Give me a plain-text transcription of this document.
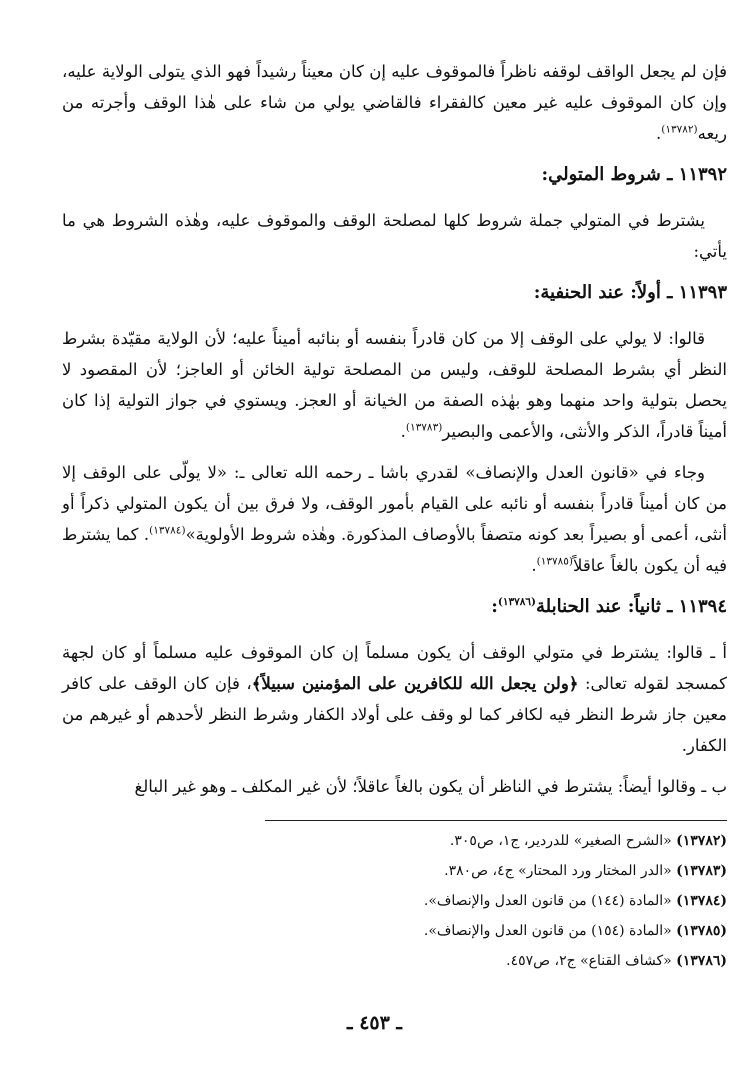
فإن لم يجعل الواقف لوقفه ناظراً فالموقوف عليه إن كان معيناً رشيداً فهو الذي يتولى الولاية عليه، وإن كان الموقوف عليه غير معين كالفقراء فالقاضي يولي من شاء على هٰذا الوقف وأجرته من ريعه$^{(١٣٧٨٢)}$.

١١٣٩٢ ـ شروط المتولي:

يشترط في المتولي جملة شروط كلها لمصلحة الوقف والموقوف عليه، وهٰذه الشروط هي ما يأتي:

١١٣٩٣ ـ أولاً: عند الحنفية:

قالوا: لا يولي على الوقف إلا من كان قادراً بنفسه أو بنائبه أميناً عليه؛ لأن الولاية مقيّدة بشرط النظر أي بشرط المصلحة للوقف، وليس من المصلحة تولية الخائن أو العاجز؛ لأن المقصود لا يحصل بتولية واحد منهما وهو بهٰذه الصفة من الخيانة أو العجز. ويستوي في جواز التولية إذا كان أميناً قادراً، الذكر والأنثى، والأعمى والبصير$^{(١٣٧٨٣)}$.

وجاء في «قانون العدل والإنصاف» لقدري باشا ـ رحمه الله تعالى ـ: «لا يولّى على الوقف إلا من كان أميناً قادراً بنفسه أو نائبه على القيام بأمور الوقف، ولا فرق بين أن يكون المتولي ذكراً أو أنثى، أعمى أو بصيراً بعد كونه متصفاً بالأوصاف المذكورة. وهٰذه شروط الأولوية»$^{(١٣٧٨٤)}$. كما يشترط فيه أن يكون بالغاً عاقلاً$^{(١٣٧٨٥)}$.

١١٣٩٤ ـ ثانياً: عند الحنابلة$^{(١٣٧٨٦)}$:

أ ـ قالوا: يشترط في متولي الوقف أن يكون مسلماً إن كان الموقوف عليه مسلماً أو كان لجهة كمسجد لقوله تعالى: ﴿ولن يجعل الله للكافرين على المؤمنين سبيلاً﴾، فإن كان الوقف على كافر معين جاز شرط النظر فيه لكافر كما لو وقف على أولاد الكفار وشرط النظر لأحدهم أو غيرهم من الكفار.

ب ـ وقالوا أيضاً: يشترط في الناظر أن يكون بالغاً عاقلاً؛ لأن غير المكلف ـ وهو غير البالغ

(١٣٧٨٢) «الشرح الصغير» للدردير، ج١، ص٣٠٥.

(١٣٧٨٣) «الدر المختار ورد المحتار» ج٤، ص٣٨٠.

(١٣٧٨٤) «المادة (١٤٤) من قانون العدل والإنصاف».

(١٣٧٨٥) «المادة (١٥٤) من قانون العدل والإنصاف».

(١٣٧٨٦) «كشاف القناع» ج٢، ص٤٥٧.

ـ ٤٥٣ ـ
